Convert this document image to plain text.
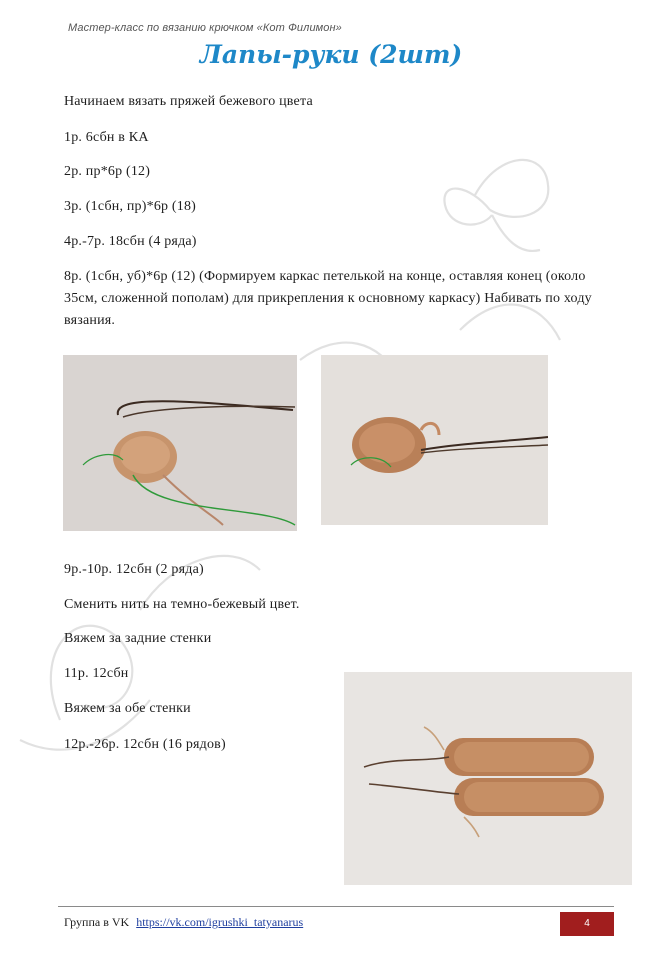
Мастер-класс по вязанию крючком «Кот Филимон»
Лапы-руки (2шт)
Начинаем вязать пряжей бежевого цвета
1р. 6сбн в КА
2р. пр*6р (12)
3р. (1сбн, пр)*6р (18)
4р.-7р. 18сбн (4 ряда)
8р. (1сбн, уб)*6р (12) (Формируем каркас петелькой на конце, оставляя конец (около 35см, сложенной пополам) для прикрепления к основному каркасу) Набивать по ходу вязания.
9р.-10р. 12сбн (2 ряда)
Сменить нить на темно-бежевый цвет.
Вяжем за задние стенки
11р. 12сбн
Вяжем за обе стенки
12р.-26р. 12сбн (16 рядов)
Группа в VK https://vk.com/igrushki_tatyanarus	4
